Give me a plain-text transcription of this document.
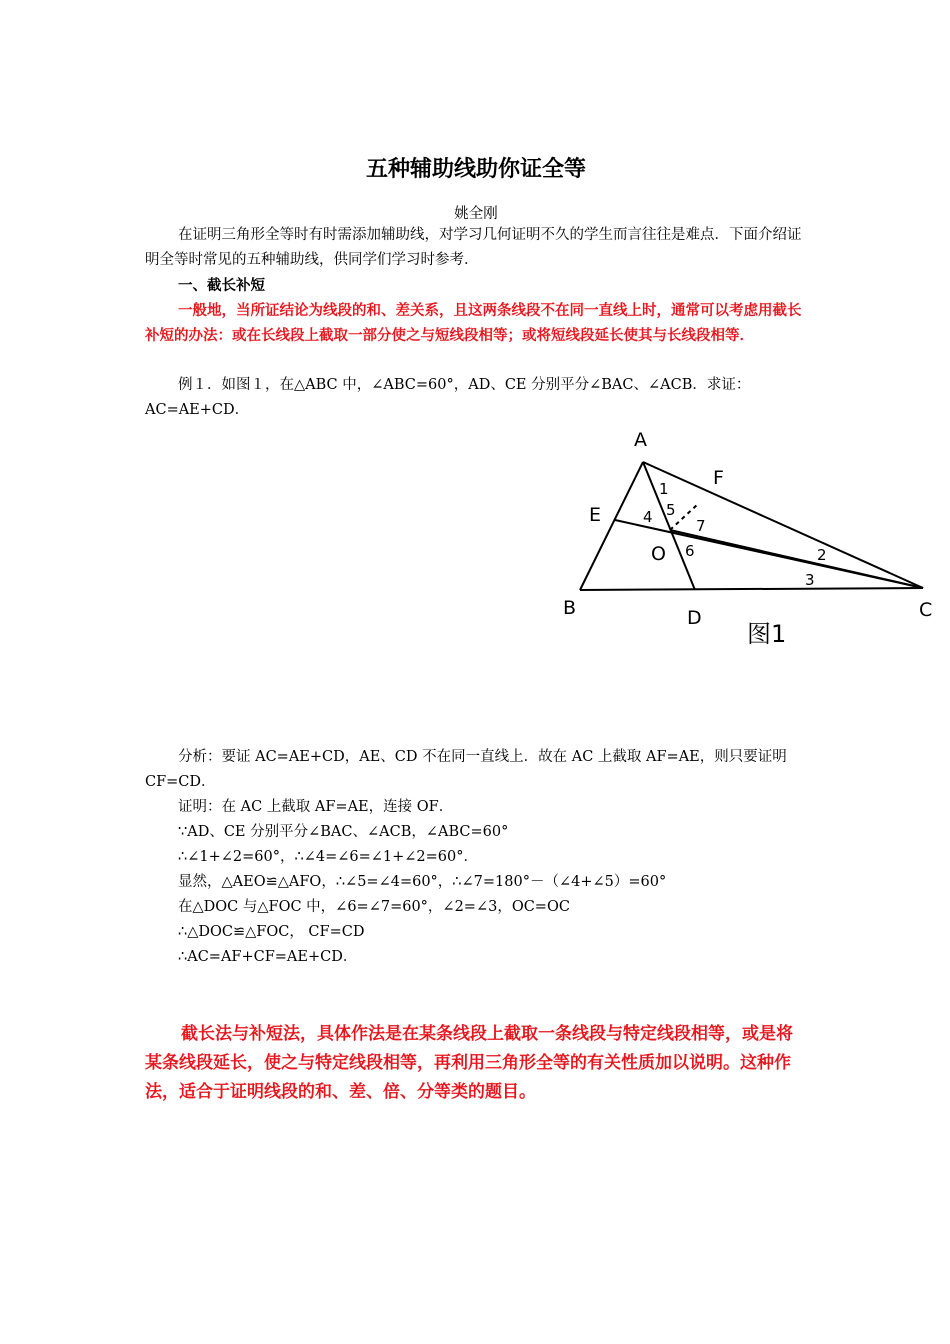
五种辅助线助你证全等
姚全刚

在证明三角形全等时有时需添加辅助线，对学习几何证明不久的学生而言往往是难点．下面介绍证明全等时常见的五种辅助线，供同学们学习时参考．

一、截长补短

一般地，当所证结论为线段的和、差关系，且这两条线段不在同一直线上时，通常可以考虑用截长补短的办法：或在长线段上截取一部分使之与短线段相等；或将短线段延长使其与长线段相等．

例１．如图１，在△ABC 中，∠ABC=60°，AD、CE 分别平分∠BAC、∠ACB．求证：AC=AE+CD．

A
B	C
D
E
F
O
1
2
3
4 5
6
7
图1

分析：要证 AC=AE+CD，AE、CD 不在同一直线上．故在 AC 上截取 AF=AE，则只要证明 CF=CD．

证明：在 AC 上截取 AF=AE，连接 OF．
∵AD、CE 分别平分∠BAC、∠ACB，∠ABC=60°
∴∠1+∠2=60°，∴∠4=∠6=∠1+∠2=60°．
显然，△AEO≌△AFO，∴∠5=∠4=60°，∴∠7=180°－（∠4+∠5）=60°
在△DOC 与△FOC 中，∠6=∠7=60°，∠2=∠3，OC=OC
∴△DOC≌△FOC， CF=CD
∴AC=AF+CF=AE+CD．

截长法与补短法，具体作法是在某条线段上截取一条线段与特定线段相等，或是将某条线段延长，使之与特定线段相等，再利用三角形全等的有关性质加以说明。这种作法，适合于证明线段的和、差、倍、分等类的题目。
